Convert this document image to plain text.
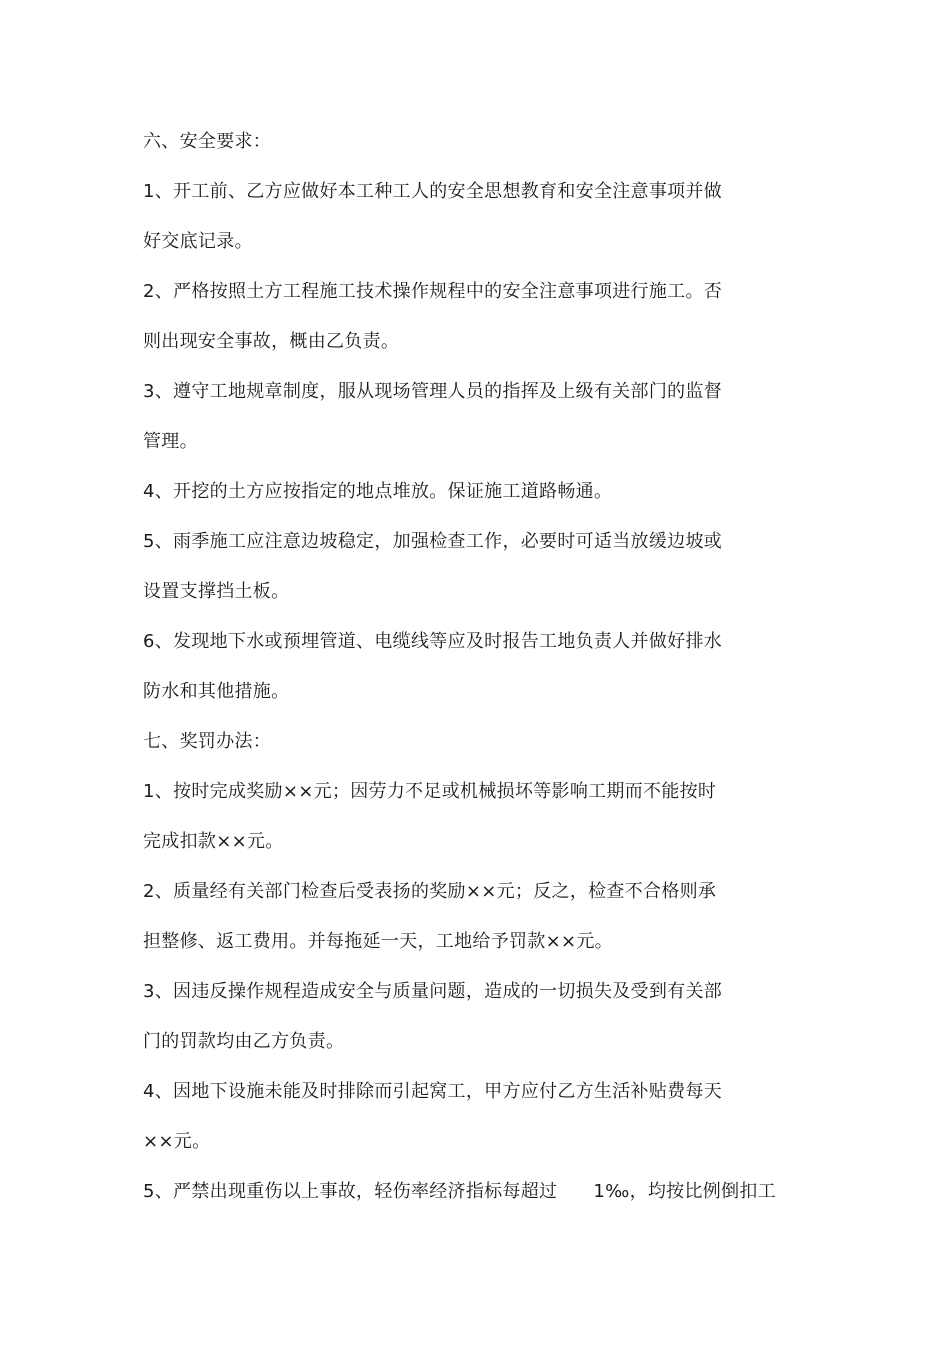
六、安全要求：
1、开工前、乙方应做好本工种工人的安全思想教育和安全注意事项并做
好交底记录。
2、严格按照土方工程施工技术操作规程中的安全注意事项进行施工。否
则出现安全事故，概由乙负责。
3、遵守工地规章制度，服从现场管理人员的指挥及上级有关部门的监督
管理。
4、开挖的土方应按指定的地点堆放。保证施工道路畅通。
5、雨季施工应注意边坡稳定，加强检查工作，必要时可适当放缓边坡或
设置支撑挡土板。
6、发现地下水或预埋管道、电缆线等应及时报告工地负责人并做好排水
防水和其他措施。
七、奖罚办法：
1、按时完成奖励××元；因劳力不足或机械损坏等影响工期而不能按时
完成扣款××元。
2、质量经有关部门检查后受表扬的奖励××元；反之，检查不合格则承
担整修、返工费用。并每拖延一天，工地给予罚款××元。
3、因违反操作规程造成安全与质量问题，造成的一切损失及受到有关部
门的罚款均由乙方负责。
4、因地下设施未能及时排除而引起窝工，甲方应付乙方生活补贴费每天
××元。
5、严禁出现重伤以上事故，轻伤率经济指标每超过 1‰，均按比例倒扣工
